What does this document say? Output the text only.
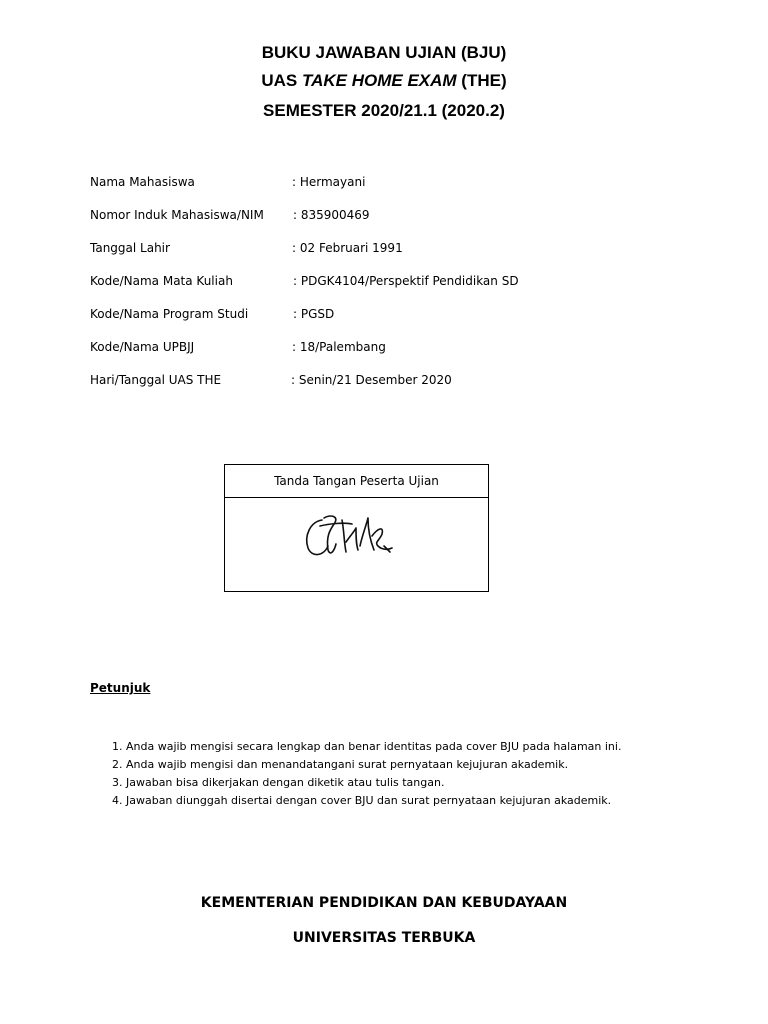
BUKU JAWABAN UJIAN (BJU)
UAS TAKE HOME EXAM (THE)
SEMESTER 2020/21.1 (2020.2)
Nama Mahasiswa	: Hermayani
Nomor Induk Mahasiswa/NIM : 835900469
Tanggal Lahir	: 02 Februari 1991
Kode/Nama Mata Kuliah	: PDGK4104/Perspektif Pendidikan SD
Kode/Nama Program Studi	: PGSD
Kode/Nama UPBJJ	: 18/Palembang
Hari/Tanggal UAS THE	: Senin/21 Desember 2020
Tanda Tangan Peserta Ujian
Petunjuk
1. Anda wajib mengisi secara lengkap dan benar identitas pada cover BJU pada halaman ini.
2. Anda wajib mengisi dan menandatangani surat pernyataan kejujuran akademik.
3. Jawaban bisa dikerjakan dengan diketik atau tulis tangan.
4. Jawaban diunggah disertai dengan cover BJU dan surat pernyataan kejujuran akademik.
KEMENTERIAN PENDIDIKAN DAN KEBUDAYAAN
UNIVERSITAS TERBUKA
